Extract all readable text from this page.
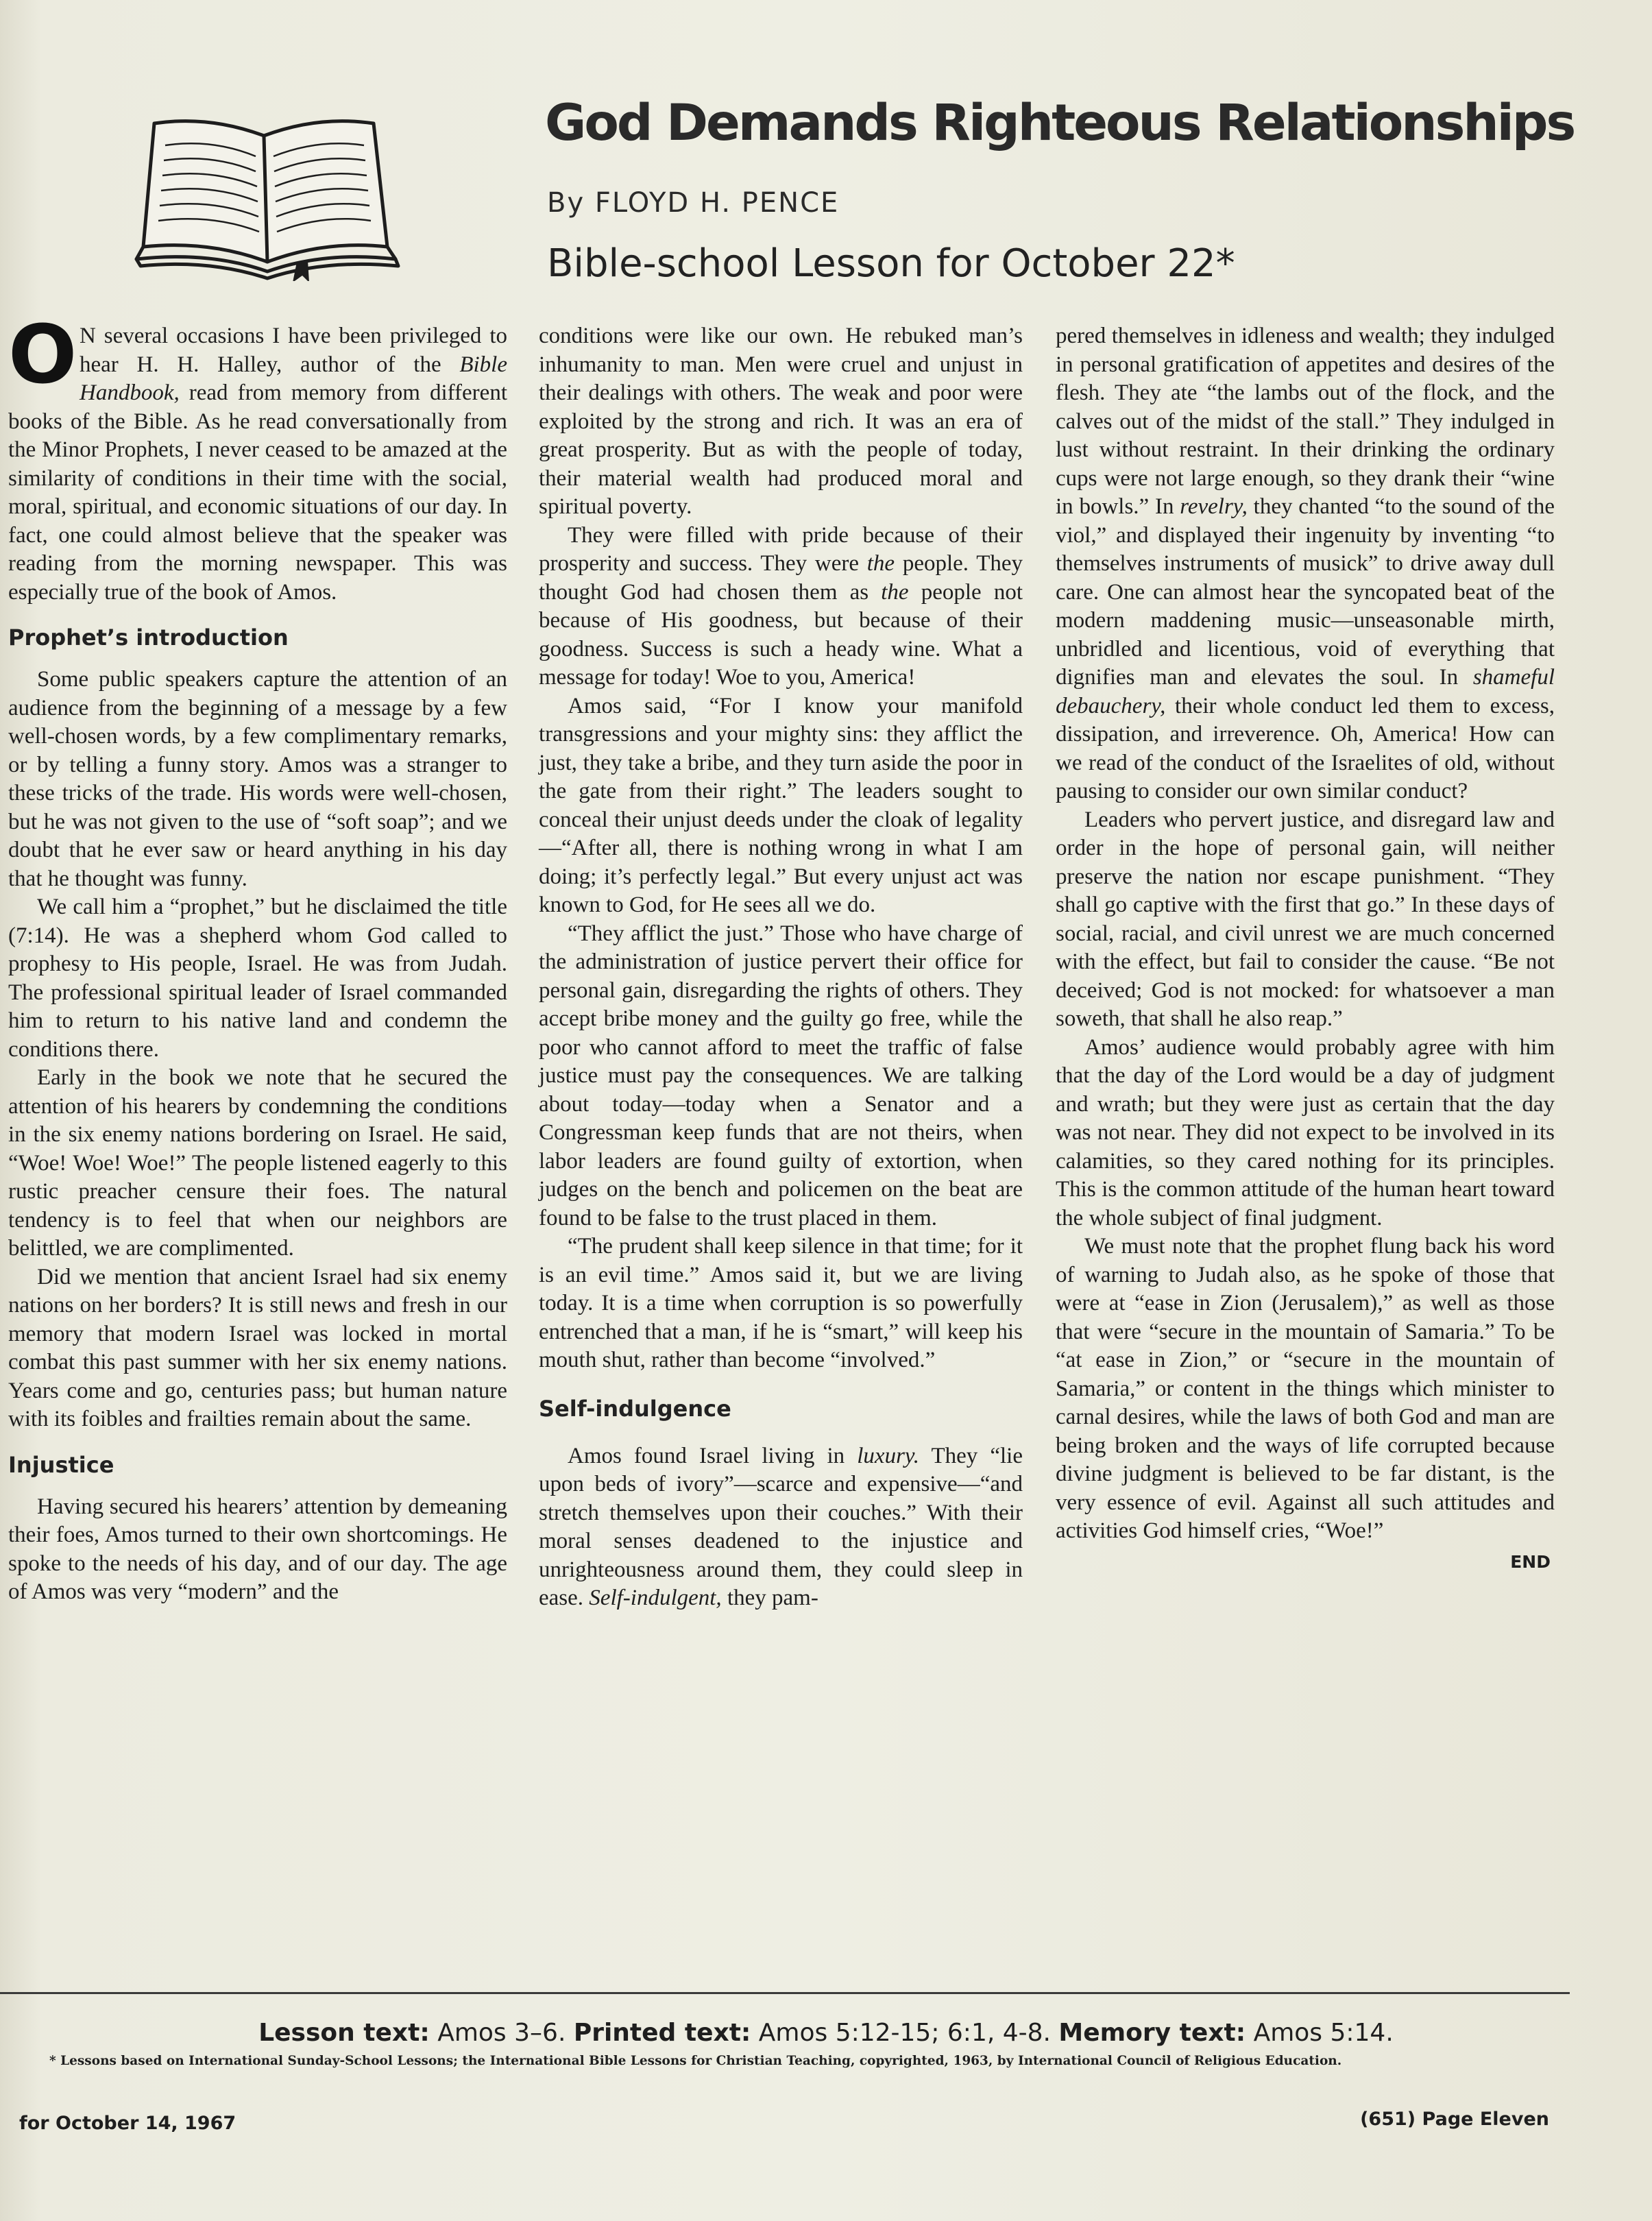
God Demands Righteous Relationships
By FLOYD H. PENCE
Bible-school Lesson for October 22*

O N several occasions I have been privileged to hear H. H. Halley, author of the Bible Handbook, read from memory from different books of the Bible. As he read conversationally from the Minor Prophets, I never ceased to be amazed at the similarity of conditions in their time with the social, moral, spiritual, and economic situations of our day. In fact, one could almost believe that the speaker was reading from the morning newspaper. This was especially true of the book of Amos.

Prophet’s introduction

Some public speakers capture the attention of an audience from the beginning of a message by a few well-chosen words, by a few complimentary remarks, or by telling a funny story. Amos was a stranger to these tricks of the trade. His words were well-chosen, but he was not given to the use of “soft soap”; and we doubt that he ever saw or heard anything in his day that he thought was funny.

We call him a “prophet,” but he disclaimed the title (7:14). He was a shepherd whom God called to prophesy to His people, Israel. He was from Judah. The professional spiritual leader of Israel commanded him to return to his native land and condemn the conditions there.

Early in the book we note that he secured the attention of his hearers by condemning the conditions in the six enemy nations bordering on Israel. He said, “Woe! Woe! Woe!” The people listened eagerly to this rustic preacher censure their foes. The natural tendency is to feel that when our neighbors are belittled, we are complimented.

Did we mention that ancient Israel had six enemy nations on her borders? It is still news and fresh in our memory that modern Israel was locked in mortal combat this past summer with her six enemy nations. Years come and go, centuries pass; but human nature with its foibles and frailties remain about the same.

Injustice

Having secured his hearers’ attention by demeaning their foes, Amos turned to their own shortcomings. He spoke to the needs of his day, and of our day. The age of Amos was very “modern” and the

conditions were like our own. He rebuked man’s inhumanity to man. Men were cruel and unjust in their dealings with others. The weak and poor were exploited by the strong and rich. It was an era of great prosperity. But as with the people of today, their material wealth had produced moral and spiritual poverty.

They were filled with pride because of their prosperity and success. They were the people. They thought God had chosen them as the people not because of His goodness, but because of their goodness. Success is such a heady wine. What a message for today! Woe to you, America!

Amos said, “For I know your manifold transgressions and your mighty sins: they afflict the just, they take a bribe, and they turn aside the poor in the gate from their right.” The leaders sought to conceal their unjust deeds under the cloak of legality—“After all, there is nothing wrong in what I am doing; it’s perfectly legal.” But every unjust act was known to God, for He sees all we do.

“They afflict the just.” Those who have charge of the administration of justice pervert their office for personal gain, disregarding the rights of others. They accept bribe money and the guilty go free, while the poor who cannot afford to meet the traffic of false justice must pay the consequences. We are talking about today—today when a Senator and a Congressman keep funds that are not theirs, when labor leaders are found guilty of extortion, when judges on the bench and policemen on the beat are found to be false to the trust placed in them.

“The prudent shall keep silence in that time; for it is an evil time.” Amos said it, but we are living today. It is a time when corruption is so powerfully entrenched that a man, if he is “smart,” will keep his mouth shut, rather than become “involved.”

Self-indulgence

Amos found Israel living in luxury. They “lie upon beds of ivory”—scarce and expensive—“and stretch themselves upon their couches.” With their moral senses deadened to the injustice and unrighteousness around them, they could sleep in ease. Self-indulgent, they pam-

pered themselves in idleness and wealth; they indulged in personal gratification of appetites and desires of the flesh. They ate “the lambs out of the flock, and the calves out of the midst of the stall.” They indulged in lust without restraint. In their drinking the ordinary cups were not large enough, so they drank their “wine in bowls.” In revelry, they chanted “to the sound of the viol,” and displayed their ingenuity by inventing “to themselves instruments of musick” to drive away dull care. One can almost hear the syncopated beat of the modern maddening music—unseasonable mirth, unbridled and licentious, void of everything that dignifies man and elevates the soul. In shameful debauchery, their whole conduct led them to excess, dissipation, and irreverence. Oh, America! How can we read of the conduct of the Israelites of old, without pausing to consider our own similar conduct?

Leaders who pervert justice, and disregard law and order in the hope of personal gain, will neither preserve the nation nor escape punishment. “They shall go captive with the first that go.” In these days of social, racial, and civil unrest we are much concerned with the effect, but fail to consider the cause. “Be not deceived; God is not mocked: for whatsoever a man soweth, that shall he also reap.”

Amos’ audience would probably agree with him that the day of the Lord would be a day of judgment and wrath; but they were just as certain that the day was not near. They did not expect to be involved in its calamities, so they cared nothing for its principles. This is the common attitude of the human heart toward the whole subject of final judgment.

We must note that the prophet flung back his word of warning to Judah also, as he spoke of those that were at “ease in Zion (Jerusalem),” as well as those that were “secure in the mountain of Samaria.” To be “at ease in Zion,” or “secure in the mountain of Samaria,” or content in the things which minister to carnal desires, while the laws of both God and man are being broken and the ways of life corrupted because divine judgment is believed to be far distant, is the very essence of evil. Against all such attitudes and activities God himself cries, “Woe!”

END
Lesson text: Amos 3–6. Printed text: Amos 5:12-15; 6:1, 4-8. Memory text: Amos 5:14.
* Lessons based on International Sunday-School Lessons; the International Bible Lessons for Christian Teaching, copyrighted, 1963, by International Council of Religious Education.
for October 14, 1967	(651) Page Eleven
